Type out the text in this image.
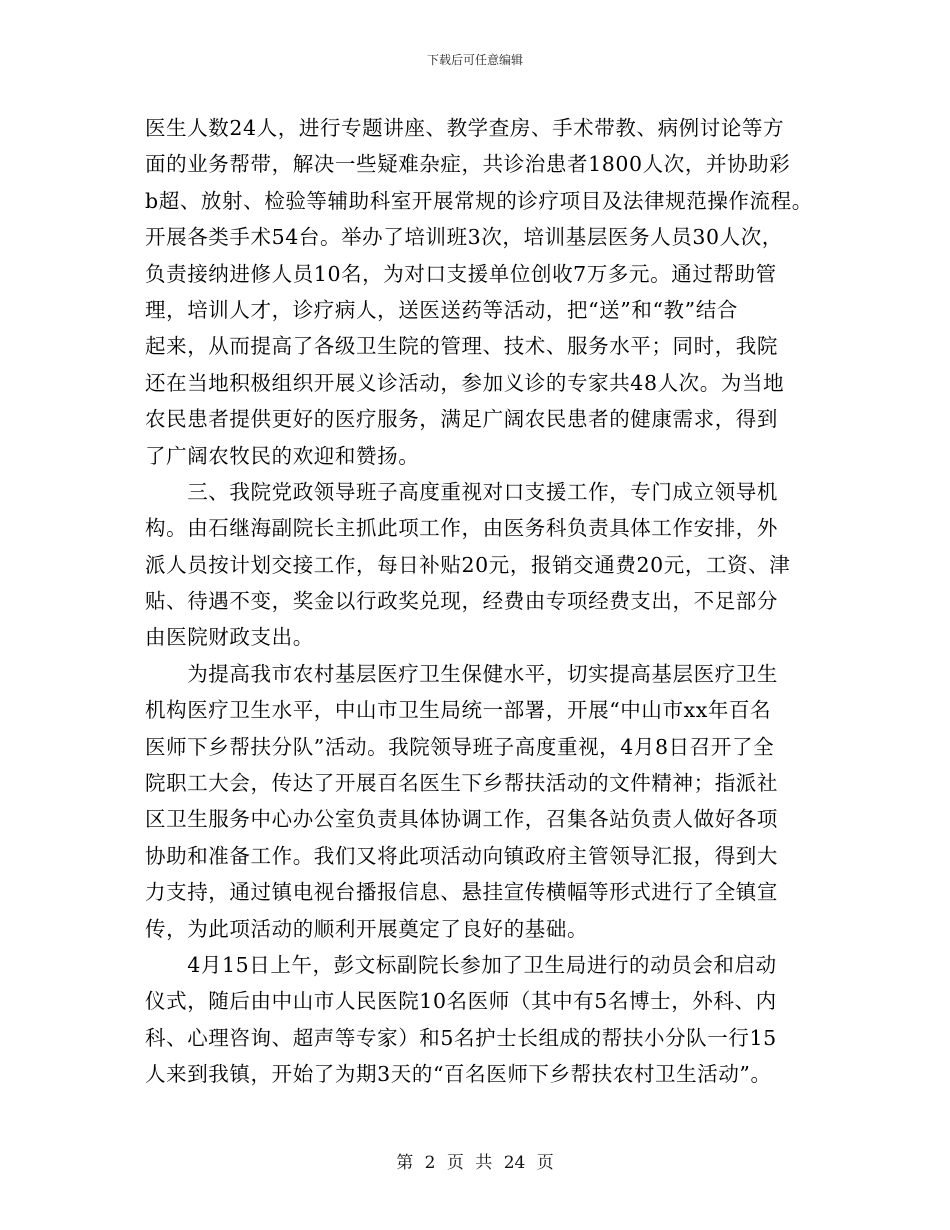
下载后可任意编辑
医生人数24人，进行专题讲座、教学查房、手术带教、病例讨论等方
面的业务帮带，解决一些疑难杂症，共诊治患者1800人次，并协助彩
b超、放射、检验等辅助科室开展常规的诊疗项目及法律规范操作流程。
开展各类手术54台。举办了培训班3次，培训基层医务人员30人次，
负责接纳进修人员10名，为对口支援单位创收7万多元。通过帮助管
理，培训人才，诊疗病人，送医送药等活动，把“送”和“教”结合
起来，从而提高了各级卫生院的管理、技术、服务水平；同时，我院
还在当地积极组织开展义诊活动，参加义诊的专家共48人次。为当地
农民患者提供更好的医疗服务，满足广阔农民患者的健康需求，得到
了广阔农牧民的欢迎和赞扬。
　　三、我院党政领导班子高度重视对口支援工作，专门成立领导机
构。由石继海副院长主抓此项工作，由医务科负责具体工作安排，外
派人员按计划交接工作，每日补贴20元，报销交通费20元，工资、津
贴、待遇不变，奖金以行政奖兑现，经费由专项经费支出，不足部分
由医院财政支出。
　　为提高我市农村基层医疗卫生保健水平，切实提高基层医疗卫生
机构医疗卫生水平，中山市卫生局统一部署，开展“中山市xx年百名
医师下乡帮扶分队”活动。我院领导班子高度重视，4月8日召开了全
院职工大会，传达了开展百名医生下乡帮扶活动的文件精神；指派社
区卫生服务中心办公室负责具体协调工作，召集各站负责人做好各项
协助和准备工作。我们又将此项活动向镇政府主管领导汇报，得到大
力支持，通过镇电视台播报信息、悬挂宣传横幅等形式进行了全镇宣
传，为此项活动的顺利开展奠定了良好的基础。
　　4月15日上午，彭文标副院长参加了卫生局进行的动员会和启动
仪式，随后由中山市人民医院10名医师（其中有5名博士，外科、内
科、心理咨询、超声等专家）和5名护士长组成的帮扶小分队一行15
人来到我镇，开始了为期3天的“百名医师下乡帮扶农村卫生活动”。
第 2 页 共 24 页
